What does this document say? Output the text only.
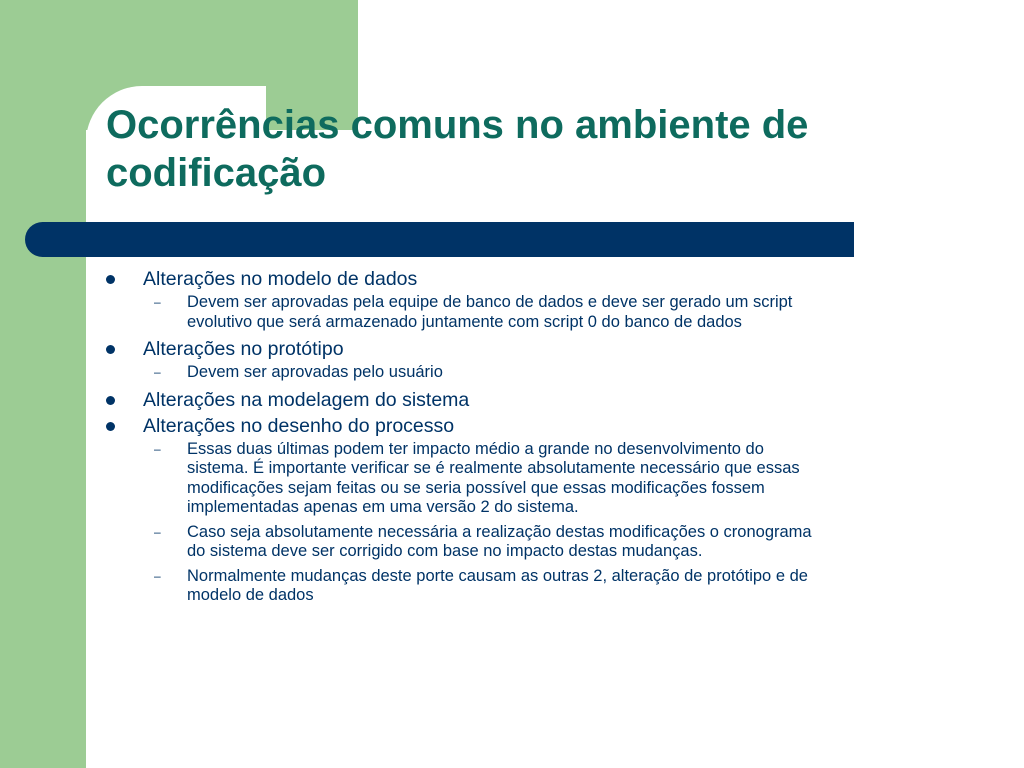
Ocorrências comuns no ambiente de
codificação
Alterações no modelo de dados
– Devem ser aprovadas pela equipe de banco de dados e deve ser gerado um script
evolutivo que será armazenado juntamente com script 0 do banco de dados
Alterações no protótipo
– Devem ser aprovadas pelo usuário
Alterações na modelagem do sistema
Alterações no desenho do processo
– Essas duas últimas podem ter impacto médio a grande no desenvolvimento do
sistema. É importante verificar se é realmente absolutamente necessário que essas
modificações sejam feitas ou se seria possível que essas modificações fossem
implementadas apenas em uma versão 2 do sistema.
– Caso seja absolutamente necessária a realização destas modificações o cronograma
do sistema deve ser corrigido com base no impacto destas mudanças.
– Normalmente mudanças deste porte causam as outras 2, alteração de protótipo e de
modelo de dados
